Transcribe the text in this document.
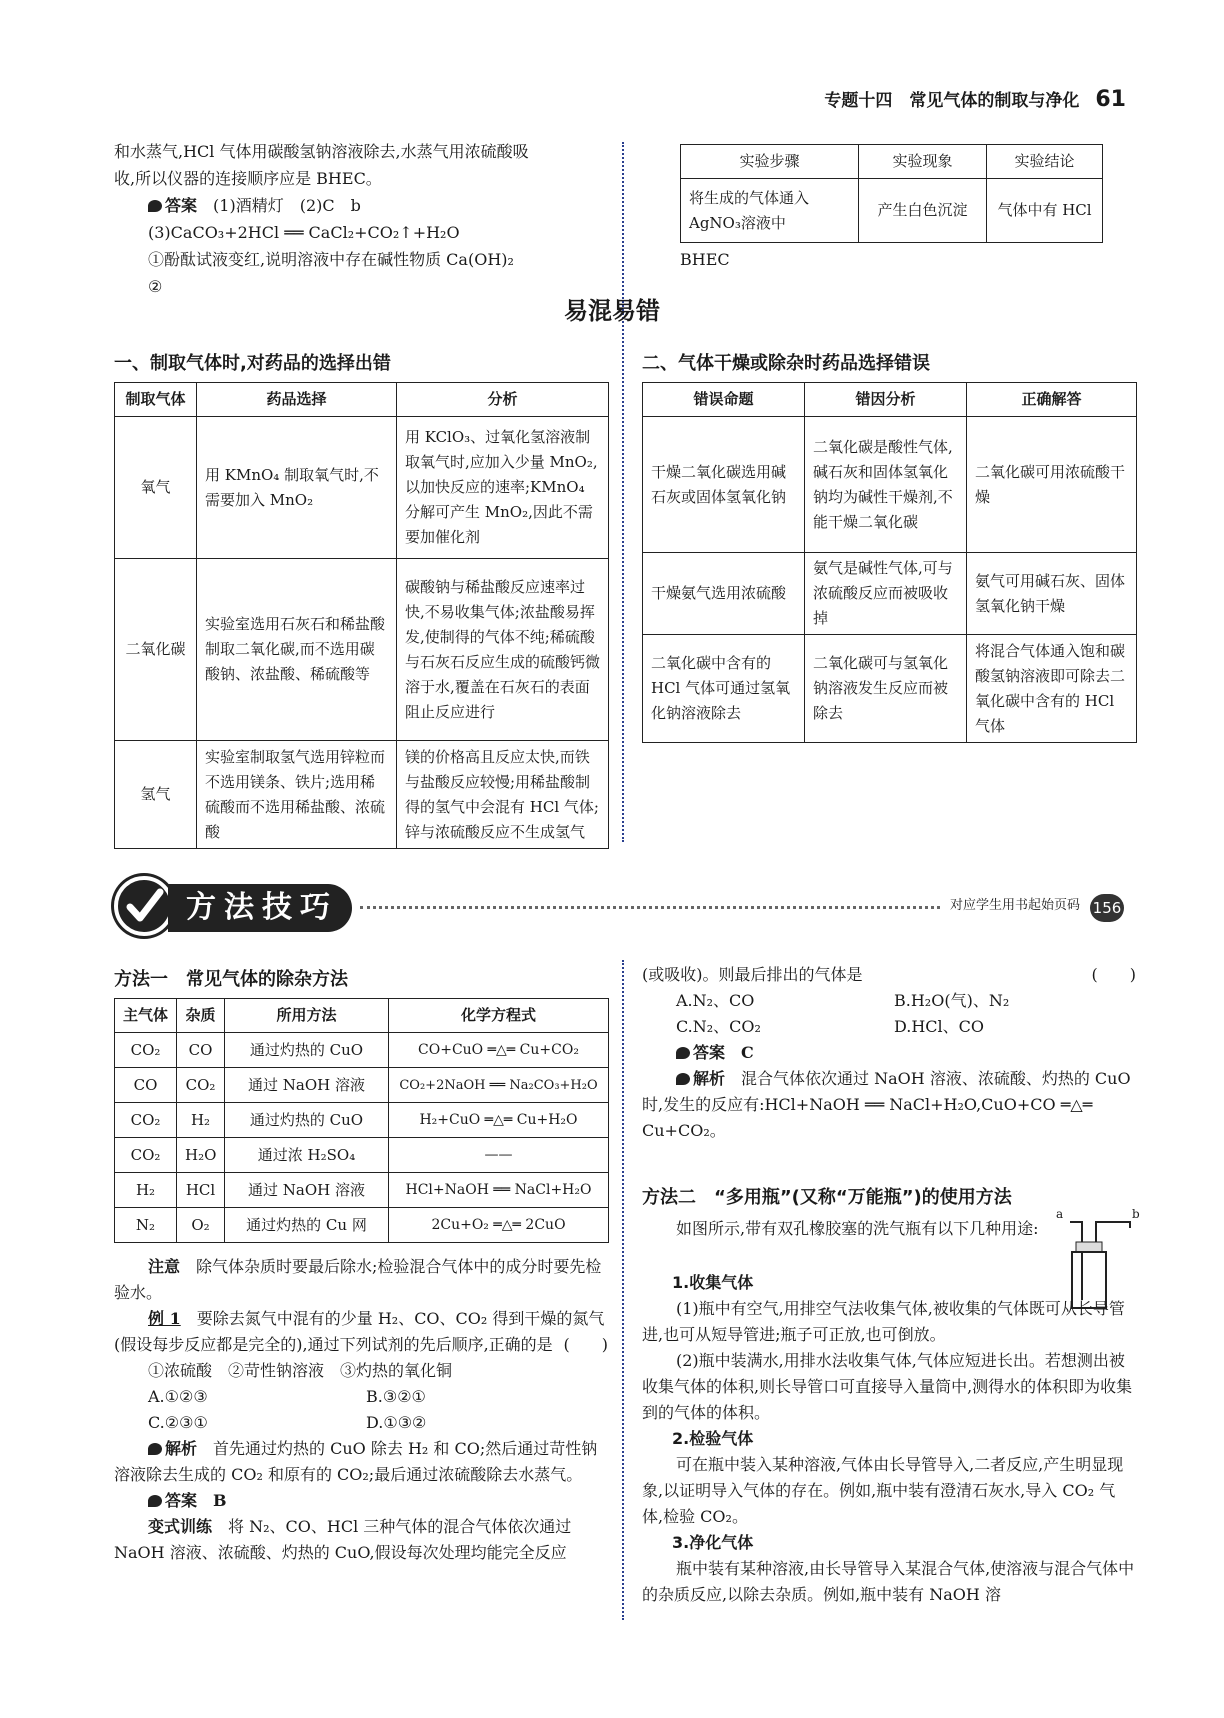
专题十四　常见气体的制取与净化 61

和水蒸气,HCl 气体用碳酸氢钠溶液除去,水蒸气用浓硫酸吸

收,所以仪器的连接顺序应是 BHEC。

答案　 (1)酒精灯　(2)C　b

(3)CaCO₃+2HCl ══ CaCl₂+CO₂↑+H₂O

①酚酞试液变红,说明溶液中存在碱性物质 Ca(OH)₂

②

实验步骤	实验现象	实验结论
将生成的气体通入AgNO₃溶液中	产生白色沉淀	气体中有 HCl
BHEC
易混易错
一、制取气体时,对药品的选择出错	二、气体干燥或除杂时药品选择错误
制取气体	药品选择	分析
氧气	用 KMnO₄ 制取氧气时,不需要加入 MnO₂	用 KClO₃、过氧化氢溶液制取氧气时,应加入少量 MnO₂,以加快反应的速率;KMnO₄ 分解可产生 MnO₂,因此不需要加催化剂
二氧化碳	实验室选用石灰石和稀盐酸制取二氧化碳,而不选用碳酸钠、浓盐酸、稀硫酸等	碳酸钠与稀盐酸反应速率过快,不易收集气体;浓盐酸易挥发,使制得的气体不纯;稀硫酸与石灰石反应生成的硫酸钙微溶于水,覆盖在石灰石的表面阻止反应进行
氢气	实验室制取氢气选用锌粒而不选用镁条、铁片;选用稀硫酸而不选用稀盐酸、浓硫酸	镁的价格高且反应太快,而铁与盐酸反应较慢;用稀盐酸制得的氢气中会混有 HCl 气体;锌与浓硫酸反应不生成氢气
错误命题	错因分析	正确解答
干燥二氧化碳选用碱石灰或固体氢氧化钠	二氧化碳是酸性气体,碱石灰和固体氢氧化钠均为碱性干燥剂,不能干燥二氧化碳	二氧化碳可用浓硫酸干燥
干燥氨气选用浓硫酸	氨气是碱性气体,可与浓硫酸反应而被吸收掉	氨气可用碱石灰、固体氢氧化钠干燥
二氧化碳中含有的 HCl 气体可通过氢氧化钠溶液除去	二氧化碳可与氢氧化钠溶液发生反应而被除去	将混合气体通入饱和碳酸氢钠溶液即可除去二氧化碳中含有的 HCl 气体
方法技巧	对应学生用书起始页码 156
方法一　常见气体的除杂方法
主气体	杂质	所用方法	化学方程式
CO₂	CO	通过灼热的 CuO	CO+CuO ═△═ Cu+CO₂
CO	CO₂	通过 NaOH 溶液	CO₂+2NaOH ══ Na₂CO₃+H₂O
CO₂	H₂	通过灼热的 CuO	H₂+CuO ═△═ Cu+H₂O
CO₂	H₂O	通过浓 H₂SO₄	——
H₂	HCl	通过 NaOH 溶液	HCl+NaOH ══ NaCl+H₂O
N₂	O₂	通过灼热的 Cu 网	2Cu+O₂ ═△═ 2CuO

注意　 除气体杂质时要最后除水;检验混合气体中的成分时要先检验水。

例 1　 要除去氮气中混有的少量 H₂、CO、CO₂ 得到干燥的氮气(假设每步反应都是完全的),通过下列试剂的先后顺序,正确的是 (　　)

①浓硫酸　②苛性钠溶液　③灼热的氧化铜

A.①②③	B.③②①

C.②③①	D.①③②

解析　 首先通过灼热的 CuO 除去 H₂ 和 CO;然后通过苛性钠溶液除去生成的 CO₂ 和原有的 CO₂;最后通过浓硫酸除去水蒸气。

答案　 B

变式训练　 将 N₂、CO、HCl 三种气体的混合气体依次通过 NaOH 溶液、浓硫酸、灼热的 CuO,假设每次处理均能完全反应

(或吸收)。则最后排出的气体是	(　　)

A.N₂、CO	B.H₂O(气)、N₂

C.N₂、CO₂	D.HCl、CO

答案　 C

解析　 混合气体依次通过 NaOH 溶液、浓硫酸、灼热的 CuO 时,发生的反应有:HCl+NaOH ══ NaCl+H₂O,CuO+CO ═△═ Cu+CO₂。

方法二　“多用瓶”(又称“万能瓶”)的使用方法
如图所示,带有双孔橡胶塞的洗气瓶有以下几种用途:
a	b

1.收集气体

(1)瓶中有空气,用排空气法收集气体,被收集的气体既可从长导管进,也可从短导管进;瓶子可正放,也可倒放。

(2)瓶中装满水,用排水法收集气体,气体应短进长出。若想测出被收集气体的体积,则长导管口可直接导入量筒中,测得水的体积即为收集到的气体的体积。

2.检验气体

可在瓶中装入某种溶液,气体由长导管导入,二者反应,产生明显现象,以证明导入气体的存在。例如,瓶中装有澄清石灰水,导入 CO₂ 气体,检验 CO₂。

3.净化气体

瓶中装有某种溶液,由长导管导入某混合气体,使溶液与混合气体中的杂质反应,以除去杂质。例如,瓶中装有 NaOH 溶
